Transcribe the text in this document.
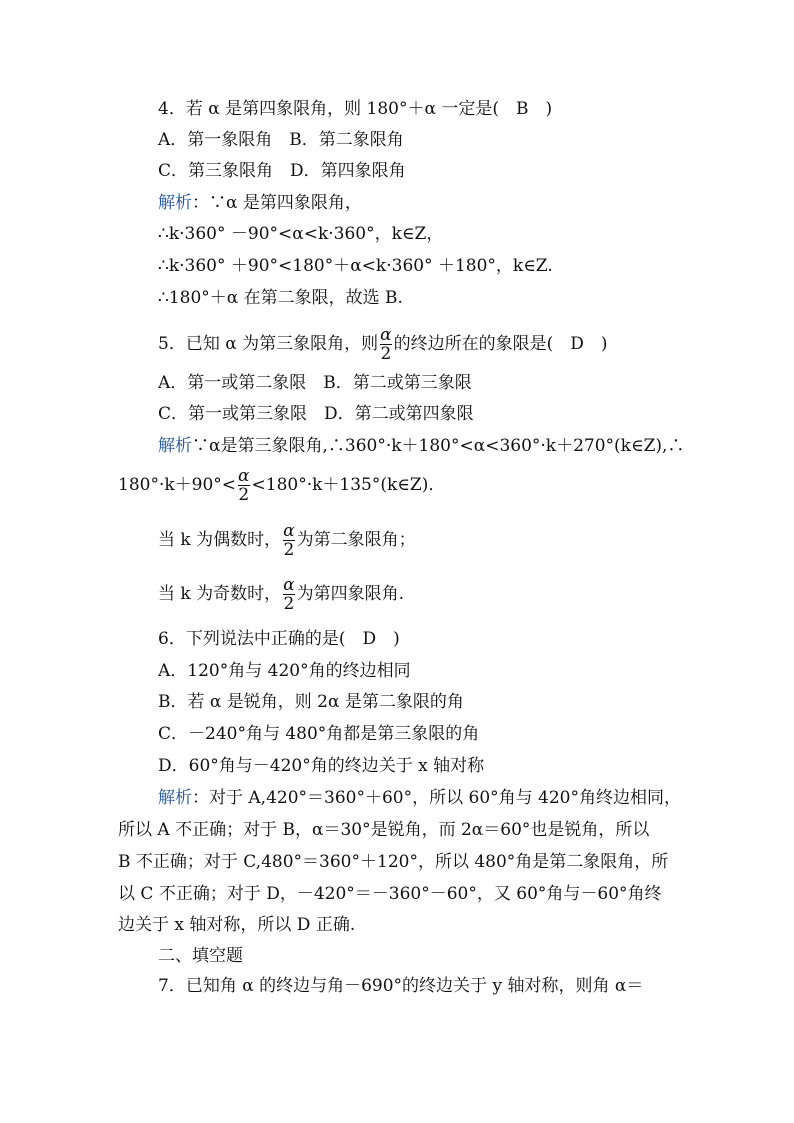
4．若 α 是第四象限角，则 180°＋α 一定是(　B　)
A．第一象限角　B．第二象限角
C．第三象限角　D．第四象限角
解析：∵α 是第四象限角，
∴k·360° －90°<α<k·360°，k∈Z，
∴k·360° ＋90°<180°＋α<k·360° ＋180°，k∈Z.
∴180°＋α 在第二象限，故选 B.
5．已知 α 为第三象限角，则 $\frac{\alpha}{2}$ 的终边所在的象限是(　D　)
A．第一或第二象限　B．第二或第三象限
C．第一或第三象限　D．第二或第四象限
解析∵α是第三象限角,∴360°·k＋180°<α<360°·k＋270°(k∈Z),∴
$180^\circ\cdot k+90^\circ< \frac{\alpha}{2}$ <180°·k＋135°(k∈Z)．
当 k 为偶数时， $\frac{\alpha}{2}$ 为第二象限角；
当 k 为奇数时， $\frac{\alpha}{2}$ 为第四象限角.
6．下列说法中正确的是(　D　)
A．120°角与 420°角的终边相同
B．若 α 是锐角，则 2α 是第二象限的角
C．－240°角与 480°角都是第三象限的角
D．60°角与－420°角的终边关于 x 轴对称
解析：对于 A,420°＝360°＋60°，所以 60°角与 420°角终边相同，
所以 A 不正确；对于 B，α＝30°是锐角，而 2α＝60°也是锐角，所以
B 不正确；对于 C,480°＝360°＋120°，所以 480°角是第二象限角，所
以 C 不正确；对于 D，－420°＝－360°－60°，又 60°角与－60°角终
边关于 x 轴对称，所以 D 正确.
二、填空题
7．已知角 α 的终边与角－690°的终边关于 y 轴对称，则角 α＝
